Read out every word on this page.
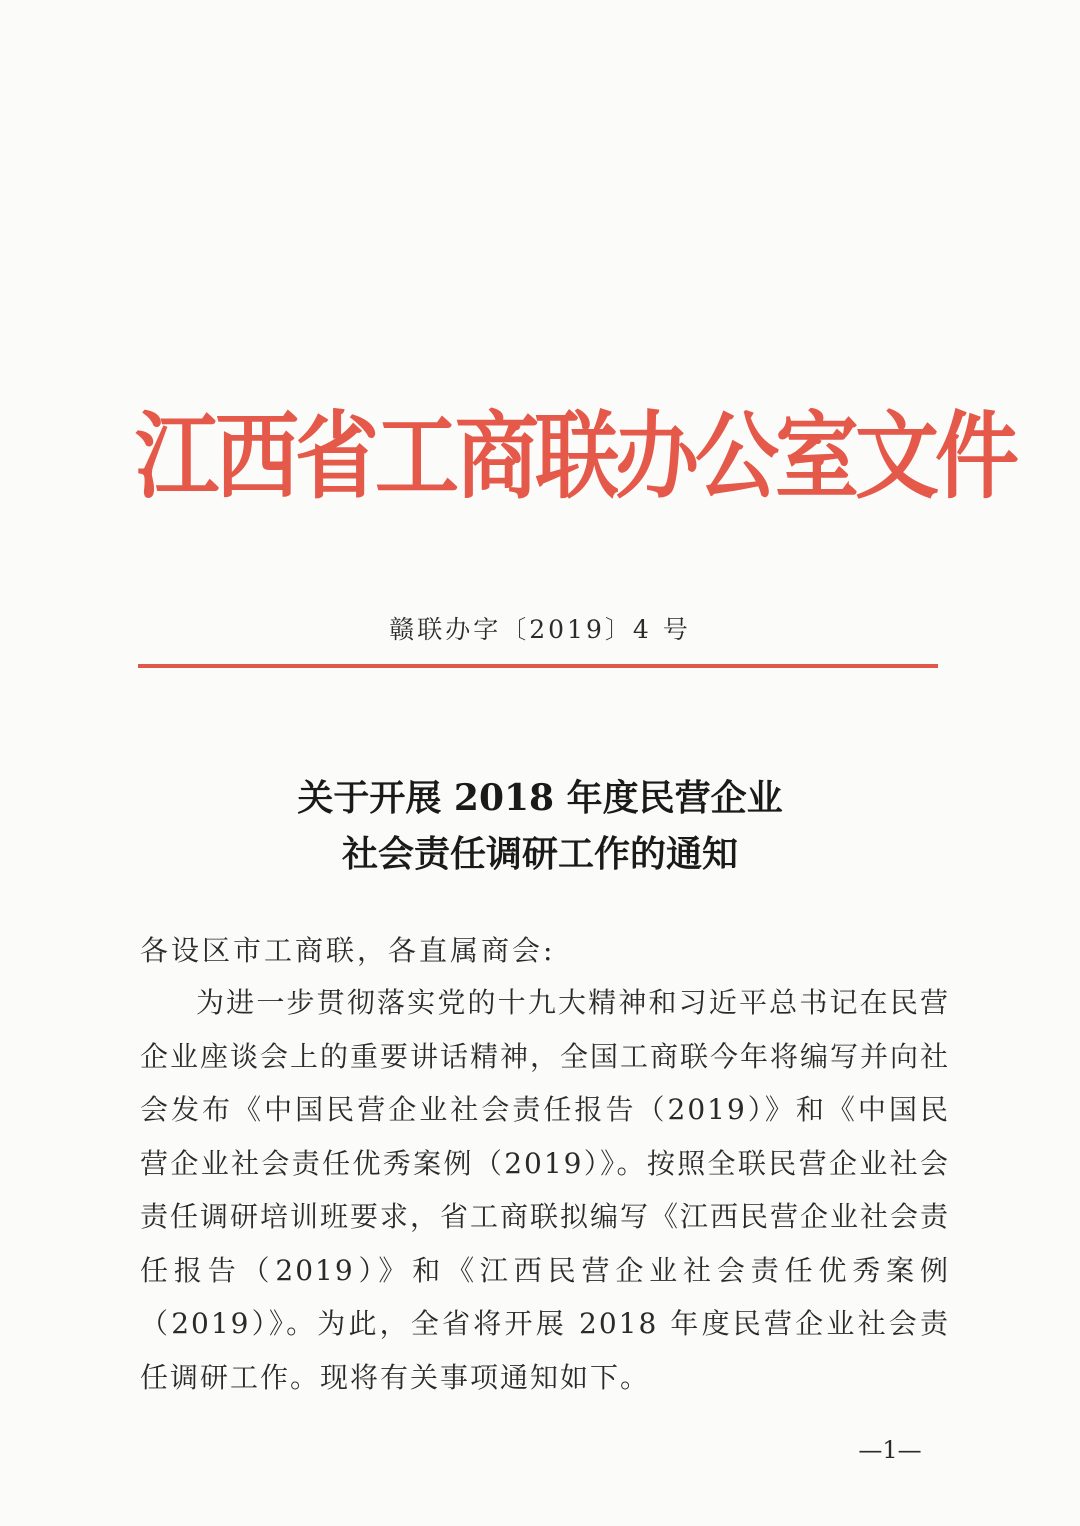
江西省工商联办公室文件
赣联办字〔2019〕4 号
关于开展 2018 年度民营企业
社会责任调研工作的通知
各设区市工商联，各直属商会:

为进一步贯彻落实党的十九大精神和习近平总书记在民营企业座谈会上的重要讲话精神，全国工商联今年将编写并向社会发布《中国民营企业社会责任报告（2019）》和《中国民营企业社会责任优秀案例（2019）》。按照全联民营企业社会责任调研培训班要求，省工商联拟编写《江西民营企业社会责任报告（2019）》和《江西民营企业社会责任优秀案例（2019）》。为此，全省将开展 2018 年度民营企业社会责任调研工作。现将有关事项通知如下。

—1—
